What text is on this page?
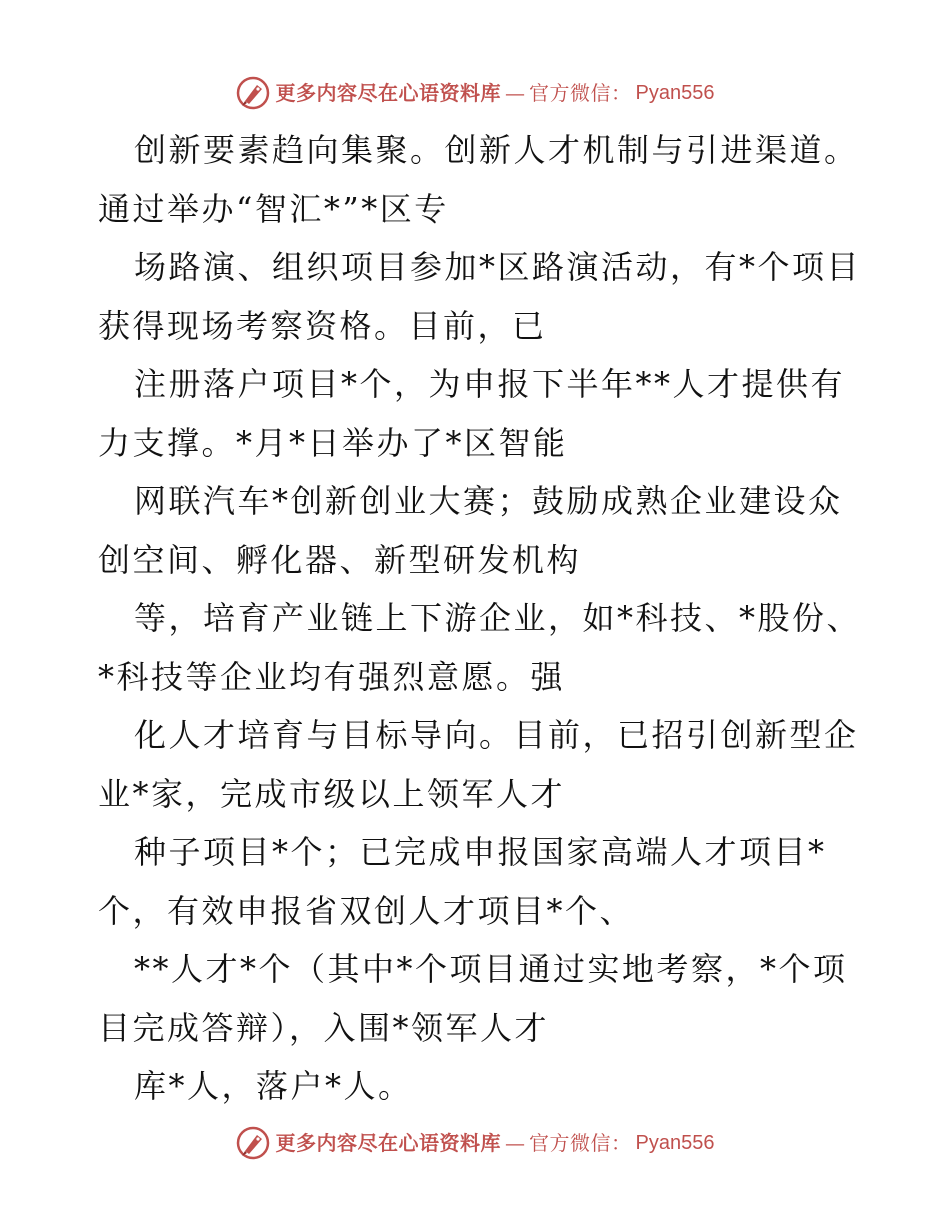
更多内容尽在心语资料库 — 官方微信： Pyan556
创新要素趋向集聚。创新人才机制与引进渠道。
通过举办“智汇*”*区专
场路演、组织项目参加*区路演活动，有*个项目
获得现场考察资格。目前，已
注册落户项目*个，为申报下半年**人才提供有
力支撑。*月*日举办了*区智能
网联汽车*创新创业大赛；鼓励成熟企业建设众
创空间、孵化器、新型研发机构
等，培育产业链上下游企业，如*科技、*股份、
*科技等企业均有强烈意愿。强
化人才培育与目标导向。目前，已招引创新型企
业*家，完成市级以上领军人才
种子项目*个；已完成申报国家高端人才项目*
个，有效申报省双创人才项目*个、
**人才*个（其中*个项目通过实地考察，*个项
目完成答辩），入围*领军人才
库*人，落户*人。
更多内容尽在心语资料库 — 官方微信： Pyan556
